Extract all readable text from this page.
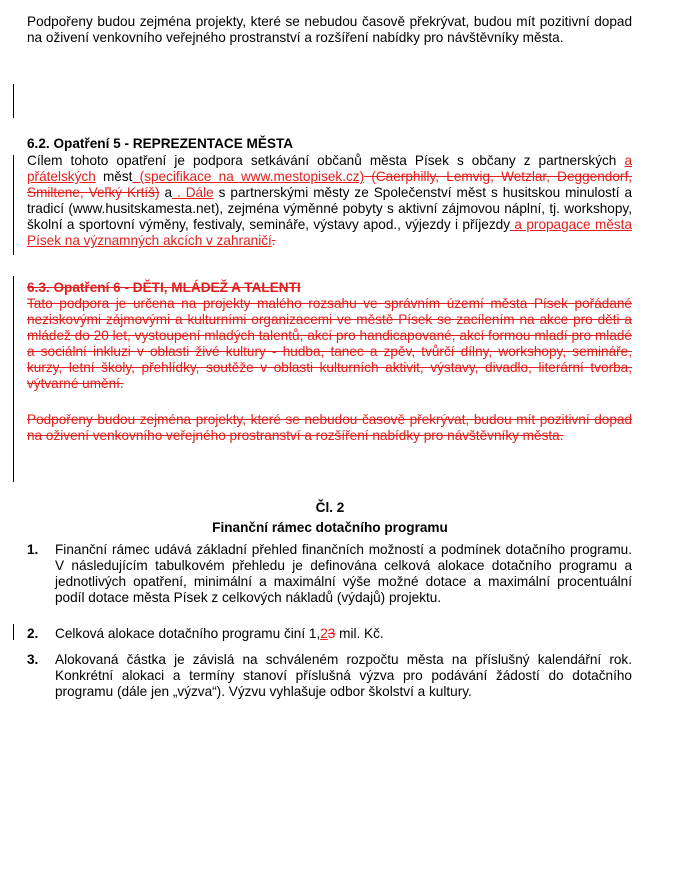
Podpořeny budou zejména projekty, které se nebudou časově překrývat, budou mít pozitivní dopad na oživení venkovního veřejného prostranství a rozšíření nabídky pro návštěvníky města.

6.2. Opatření 5 - REPREZENTACE MĚSTA

Cílem tohoto opatření je podpora setkávání občanů města Písek s občany z partnerských a přátelských měst (specifikace na www.mestopisek.cz) (Caerphilly, Lemvig, Wetzlar, Deggendorf, Smiltene, Veľký Krtíš) a . Dále s partnerskými městy ze Společenství měst s husitskou minulostí a tradicí (www.husitskamesta.net), zejména výměnné pobyty s aktivní zájmovou náplní, tj. workshopy, školní a sportovní výměny, festivaly, semináře, výstavy apod., výjezdy i příjezdy a propagace města Písek na významných akcích v zahraničí.

6.3. Opatření 6 - DĚTI, MLÁDEŽ A TALENTI

Tato podpora je určena na projekty malého rozsahu ve správním území města Písek pořádané neziskovými zájmovými a kulturními organizacemi ve městě Písek se zacílením na akce pro děti a mládež do 20 let, vystoupení mladých talentů, akcí pro handicapované, akcí formou mladí pro mladé a sociální inkluzi v oblasti živé kultury - hudba, tanec a zpěv, tvůrčí dílny, workshopy, semináře, kurzy, letní školy, přehlídky, soutěže v oblasti kulturních aktivit, výstavy, divadlo, literární tvorba, výtvarné umění.

Podpořeny budou zejména projekty, které se nebudou časově překrývat, budou mít pozitivní dopad na oživení venkovního veřejného prostranství a rozšíření nabídky pro návštěvníky města.

Čl. 2
Finanční rámec dotačního programu
1.	Finanční rámec udává základní přehled finančních možností a podmínek dotačního programu. V následujícím tabulkovém přehledu je definována celková alokace dotačního programu a jednotlivých opatření, minimální a maximální výše možné dotace a maximální procentuální podíl dotace města Písek z celkových nákladů (výdajů) projektu.
2.	Celková alokace dotačního programu činí 1,23 mil. Kč.
3.	Alokovaná částka je závislá na schváleném rozpočtu města na příslušný kalendářní rok. Konkrétní alokaci a termíny stanoví příslušná výzva pro podávání žádostí do dotačního programu (dále jen „výzva“). Výzvu vyhlašuje odbor školství a kultury.
